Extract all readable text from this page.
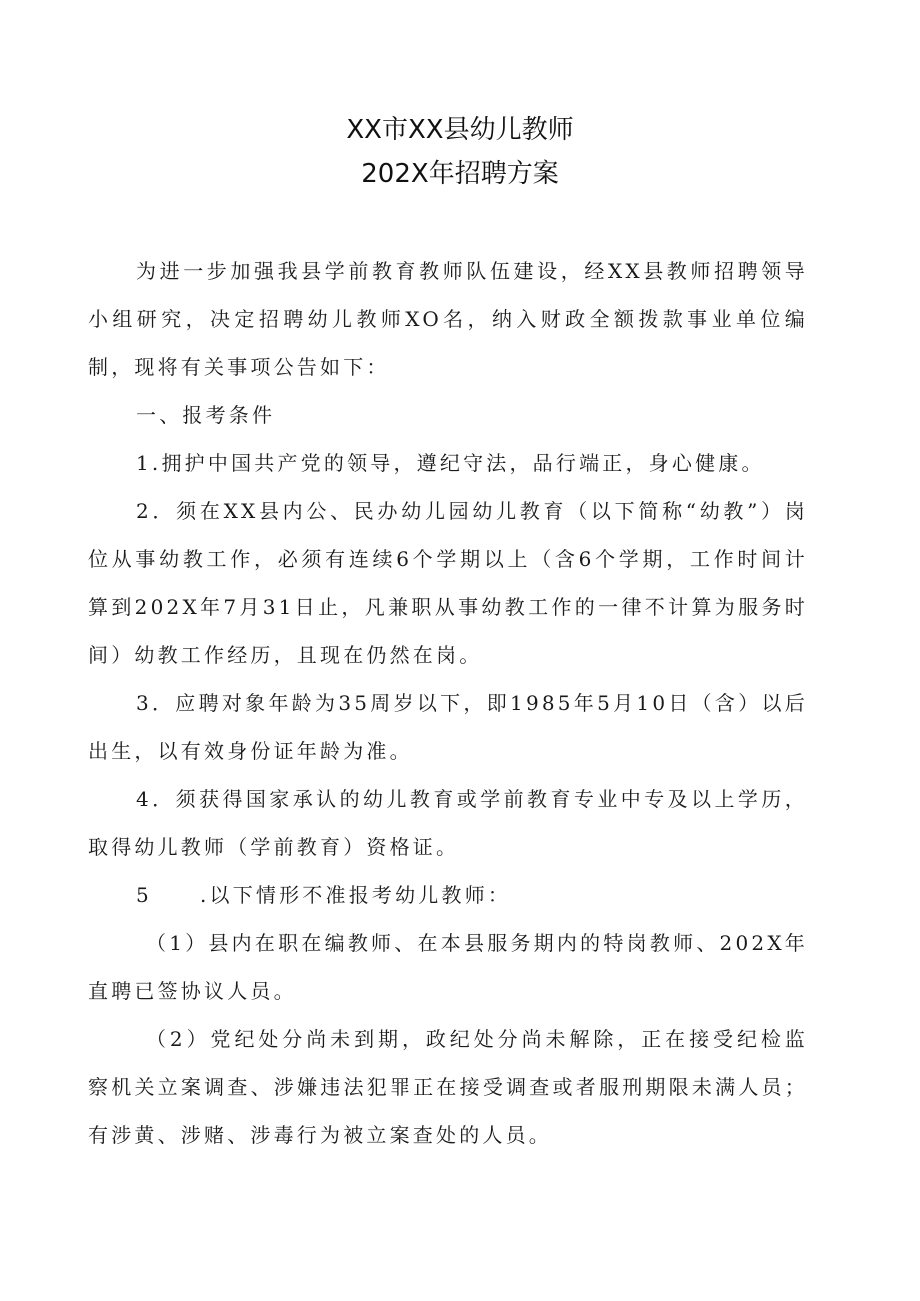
XX市XX县幼儿教师
202X年招聘方案

为进一步加强我县学前教育教师队伍建设，经XX县教师招聘领导小组研究，决定招聘幼儿教师XO名，纳入财政全额拨款事业单位编制，现将有关事项公告如下：

一、报考条件

1.拥护中国共产党的领导，遵纪守法，品行端正，身心健康。

2．须在XX县内公、民办幼儿园幼儿教育（以下简称“幼教”）岗位从事幼教工作，必须有连续6个学期以上（含6个学期，工作时间计算到202X年7月31日止，凡兼职从事幼教工作的一律不计算为服务时间）幼教工作经历，且现在仍然在岗。

3．应聘对象年龄为35周岁以下，即1985年5月10日（含）以后出生，以有效身份证年龄为准。

4．须获得国家承认的幼儿教育或学前教育专业中专及以上学历，取得幼儿教师（学前教育）资格证。

5 .以下情形不准报考幼儿教师：

（1）县内在职在编教师、在本县服务期内的特岗教师、202X年直聘已签协议人员。

（2）党纪处分尚未到期，政纪处分尚未解除，正在接受纪检监察机关立案调查、涉嫌违法犯罪正在接受调查或者服刑期限未满人员；有涉黄、涉赌、涉毒行为被立案查处的人员。
